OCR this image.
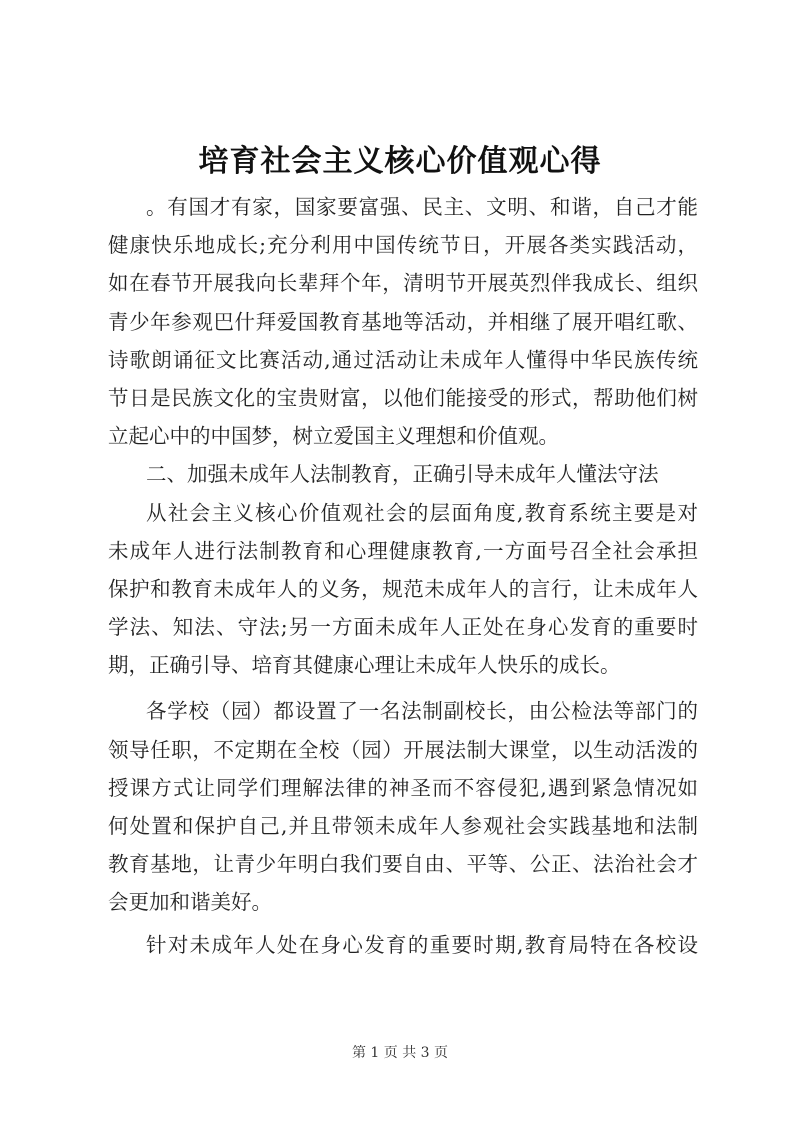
培育社会主义核心价值观心得
。有国才有家，国家要富强、民主、文明、和谐，自己才能
健康快乐地成长;充分利用中国传统节日，开展各类实践活动，
如在春节开展我向长辈拜个年，清明节开展英烈伴我成长、组织
青少年参观巴什拜爱国教育基地等活动，并相继了展开唱红歌、
诗歌朗诵征文比赛活动,通过活动让未成年人懂得中华民族传统
节日是民族文化的宝贵财富，以他们能接受的形式，帮助他们树
立起心中的中国梦，树立爱国主义理想和价值观。
二、加强未成年人法制教育，正确引导未成年人懂法守法
从社会主义核心价值观社会的层面角度,教育系统主要是对
未成年人进行法制教育和心理健康教育,一方面号召全社会承担
保护和教育未成年人的义务，规范未成年人的言行，让未成年人
学法、知法、守法;另一方面未成年人正处在身心发育的重要时
期，正确引导、培育其健康心理让未成年人快乐的成长。
各学校（园）都设置了一名法制副校长，由公检法等部门的
领导任职，不定期在全校（园）开展法制大课堂，以生动活泼的
授课方式让同学们理解法律的神圣而不容侵犯,遇到紧急情况如
何处置和保护自己,并且带领未成年人参观社会实践基地和法制
教育基地，让青少年明白我们要自由、平等、公正、法治社会才
会更加和谐美好。
针对未成年人处在身心发育的重要时期,教育局特在各校设
第 1 页 共 3 页
